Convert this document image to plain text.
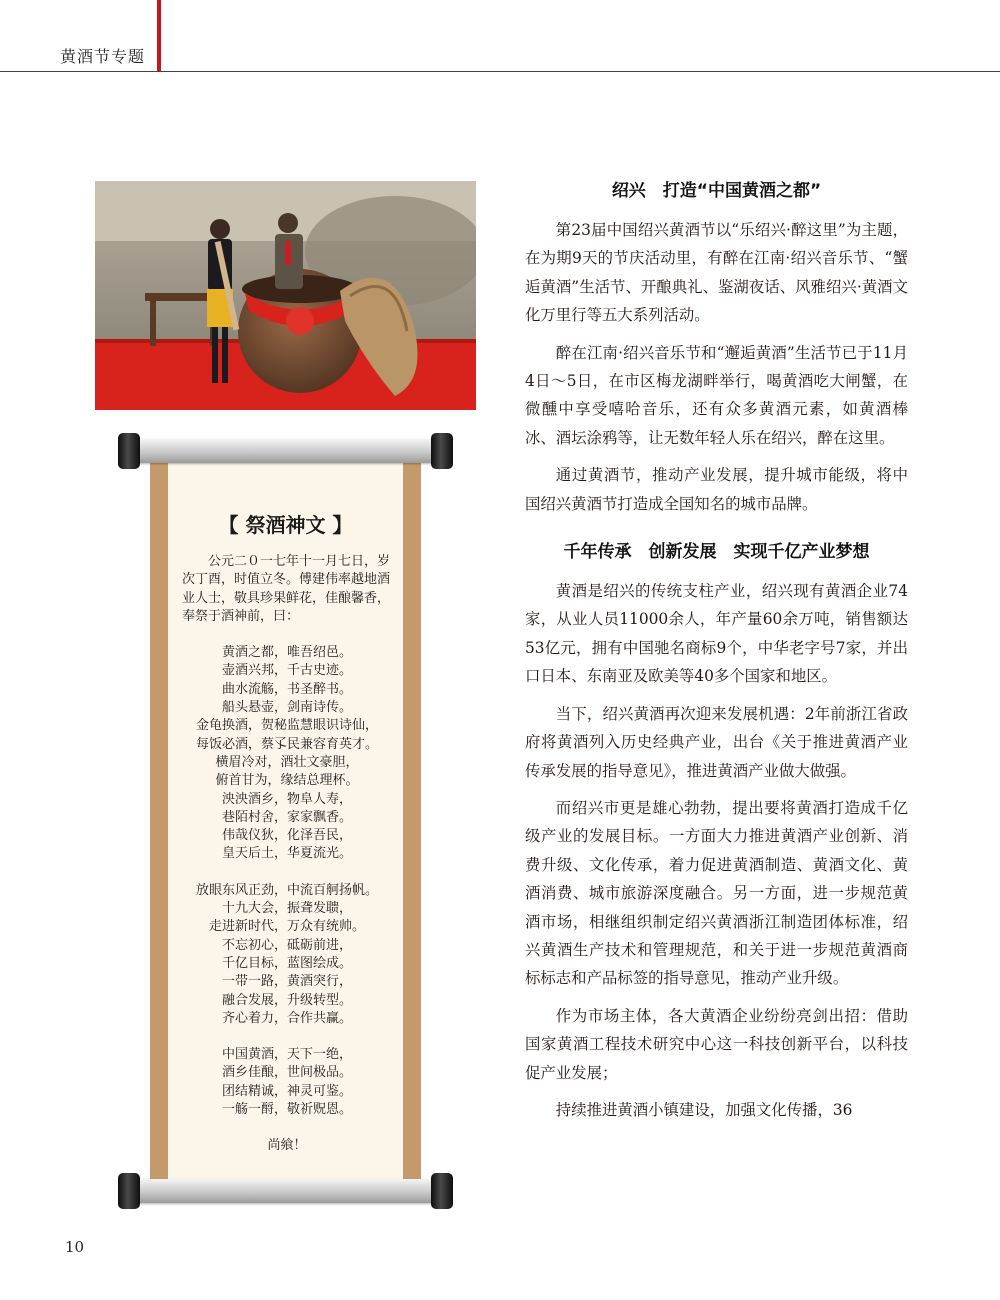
黄酒节专题
【 祭酒神文 】
公元二０一七年十一月七日，岁次丁酉，时值立冬。傅建伟率越地酒业人士，敬具珍果鲜花，佳酿馨香，奉祭于酒神前，曰：
黄酒之都，唯吾绍邑。
壶酒兴邦，千古史迹。
曲水流觞，书圣醉书。
船头悬壶，剑南诗传。
金龟换酒，贺秘监慧眼识诗仙，
每饭必酒，蔡孓民兼容育英才。
横眉冷对，酒壮文豪胆，
俯首甘为，缘结总理杯。
泱泱酒乡，物阜人寿，
巷陌村舍，家家飘香。
伟哉仪狄，化泽吾民，
皇天后土，华夏流光。
放眼东风正劲，中流百舸扬帆。
十九大会，振聋发聩，
走进新时代，万众有统帅。
不忘初心，砥砺前进，
千亿目标，蓝图绘成。
一带一路，黄酒突行，
融合发展，升级转型。
齐心着力，合作共赢。
中国黄酒，天下一绝，
酒乡佳酿，世间极品。
团结精诚，神灵可鉴。
一觞一酹，敬祈贶恩。
尚飨！
绍兴　打造“中国黄酒之都”

第23届中国绍兴黄酒节以“乐绍兴·醉这里”为主题，在为期9天的节庆活动里，有醉在江南·绍兴音乐节、“蟹逅黄酒”生活节、开酿典礼、鉴湖夜话、风雅绍兴·黄酒文化万里行等五大系列活动。

醉在江南·绍兴音乐节和“邂逅黄酒”生活节已于11月4日～5日，在市区梅龙湖畔举行，喝黄酒吃大闸蟹，在微醺中享受嘻哈音乐，还有众多黄酒元素，如黄酒棒冰、酒坛涂鸦等，让无数年轻人乐在绍兴，醉在这里。

通过黄酒节，推动产业发展，提升城市能级，将中国绍兴黄酒节打造成全国知名的城市品牌。

千年传承　创新发展　实现千亿产业梦想

黄酒是绍兴的传统支柱产业，绍兴现有黄酒企业74家，从业人员11000余人，年产量60余万吨，销售额达53亿元，拥有中国驰名商标9个，中华老字号7家，并出口日本、东南亚及欧美等40多个国家和地区。

当下，绍兴黄酒再次迎来发展机遇：2年前浙江省政府将黄酒列入历史经典产业，出台《关于推进黄酒产业传承发展的指导意见》，推进黄酒产业做大做强。

而绍兴市更是雄心勃勃，提出要将黄酒打造成千亿级产业的发展目标。一方面大力推进黄酒产业创新、消费升级、文化传承，着力促进黄酒制造、黄酒文化、黄酒消费、城市旅游深度融合。另一方面，进一步规范黄酒市场，相继组织制定绍兴黄酒浙江制造团体标准，绍兴黄酒生产技术和管理规范，和关于进一步规范黄酒商标标志和产品标签的指导意见，推动产业升级。

作为市场主体，各大黄酒企业纷纷亮剑出招：借助国家黄酒工程技术研究中心这一科技创新平台，以科技促产业发展；

持续推进黄酒小镇建设，加强文化传播，36

10
